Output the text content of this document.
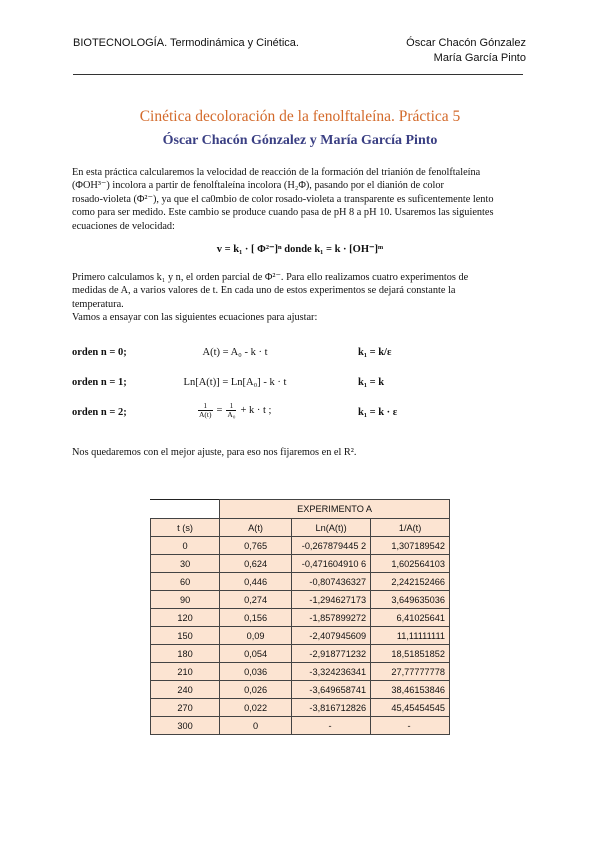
BIOTECNOLOGÍA. Termodinámica y Cinética.	Óscar Chacón Gónzalez
María García Pinto
Cinética decoloración de la fenolftaleína. Práctica 5
Óscar Chacón Gónzalez y María García Pinto
En esta práctica calcularemos la velocidad de reacción de la formación del trianión de fenolftaleína
(ΦOH³⁻) incolora a partir de fenolftaleína incolora (H₂Φ), pasando por el dianión de color
rosado-violeta (Φ²⁻), ya que el ca0mbio de color rosado-violeta a transparente es suficentemente lento
como para ser medido. Este cambio se produce cuando pasa de pH 8 a pH 10. Usaremos las siguientes
ecuaciones de velocidad:
v = k₁ · [ Φ²⁻]ⁿ donde k₁ = k · [OH⁻]ᵐ
Primero calculamos k₁ y n, el orden parcial de Φ²⁻. Para ello realizamos cuatro experimentos de
medidas de A, a varios valores de t. En cada uno de estos experimentos se dejará constante la
temperatura.
Vamos a ensayar con las siguientes ecuaciones para ajustar:
orden n = 0;	A(t) = A₀ - k · t	k₁ = k/ε
orden n = 1;	Ln[A(t)] = Ln[A₀] - k · t	k₁ = k
orden n = 2;	$\frac{1}{A(t)} = \frac{1}{\text{A₀}} + k \cdot t$ ;	k₁ = k · ε
Nos quedaremos con el mejor ajuste, para eso nos fijaremos en el R².
	EXPERIMENTO A		
t (s)	A(t)	Ln(A(t))	1/A(t)
0	0,765	-0,267879445 2	1,307189542
30	0,624	-0,471604910 6	1,602564103
60	0,446	-0,807436327	2,242152466
90	0,274	-1,294627173	3,649635036
120	0,156	-1,857899272	6,41025641
150	0,09	-2,407945609	11,11111111
180	0,054	-2,918771232	18,51851852
210	0,036	-3,324236341	27,77777778
240	0,026	-3,649658741	38,46153846
270	0,022	-3,816712826	45,45454545
300	0	-	-
